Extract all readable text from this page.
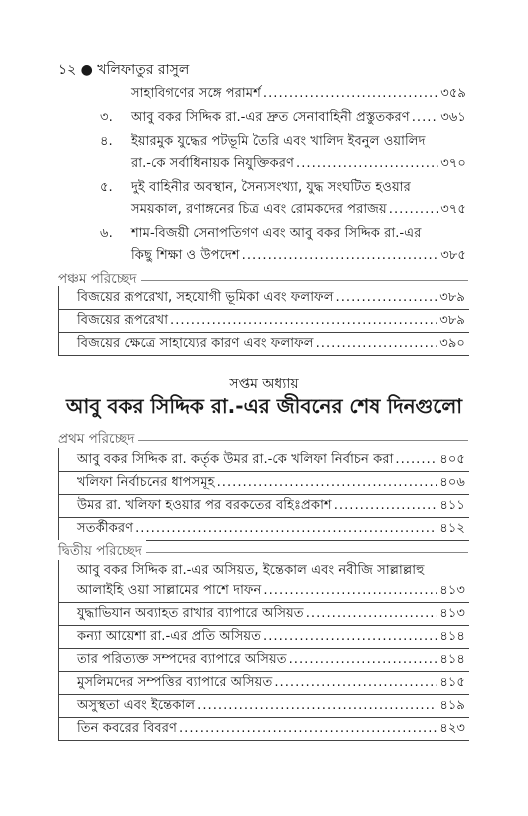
১২ ● খলিফাতুর রাসুল
সাহাবিগণের সঙ্গে পরামর্শ .....	৩৫৯
৩.	আবু বকর সিদ্দিক রা.-এর দ্রুত সেনাবাহিনী প্রস্তুতকরণ ..... ৩৬১
৪. ইয়ারমুক যুদ্ধের পটভূমি তৈরি এবং খালিদ ইবনুল ওয়ালিদ
রা.-কে সর্বাধিনায়ক নিযুক্তিকরণ .....	৩৭০
৫. দুই বাহিনীর অবস্থান, সৈন্যসংখ্যা, যুদ্ধ সংঘটিত হওয়ার
সময়কাল, রণাঙ্গনের চিত্র এবং রোমকদের পরাজয় .....	৩৭৫
৬. শাম-বিজয়ী সেনাপতিগণ এবং আবু বকর সিদ্দিক রা.-এর
কিছু শিক্ষা ও উপদেশ .....	৩৮৫
পঞ্চম পরিচ্ছেদ
বিজয়ের রূপরেখা, সহযোগী ভূমিকা এবং ফলাফল .....	৩৮৯
বিজয়ের রূপরেখা .....	৩৮৯
বিজয়ের ক্ষেত্রে সাহায্যের কারণ এবং ফলাফল .....	৩৯০
সপ্তম অধ্যায়
আবু বকর সিদ্দিক রা.-এর জীবনের শেষ দিনগুলো
প্রথম পরিচ্ছেদ
আবু বকর সিদ্দিক রা. কর্তৃক উমর রা.-কে খলিফা নির্বাচন করা .....	৪০৫
খলিফা নির্বাচনের ধাপসমূহ .....	৪০৬
উমর রা. খলিফা হওয়ার পর বরকতের বহিঃপ্রকাশ .....	৪১১
সতর্কীকরণ .....	৪১২
দ্বিতীয় পরিচ্ছেদ
আবু বকর সিদ্দিক রা.-এর অসিয়ত, ইন্তেকাল এবং নবীজি সাল্লাল্লাহু
আলাইহি ওয়া সাল্লামের পাশে দাফন .....	৪১৩
যুদ্ধাভিযান অব্যাহত রাখার ব্যাপারে অসিয়ত .....	৪১৩
কন্যা আয়েশা রা.-এর প্রতি অসিয়ত .....	৪১৪
তার পরিত্যক্ত সম্পদের ব্যাপারে অসিয়ত .....	৪১৪
মুসলিমদের সম্পত্তির ব্যাপারে অসিয়ত .....	৪১৫
অসুস্থতা এবং ইন্তেকাল .....	৪১৯
তিন কবরের বিবরণ .....	৪২৩
